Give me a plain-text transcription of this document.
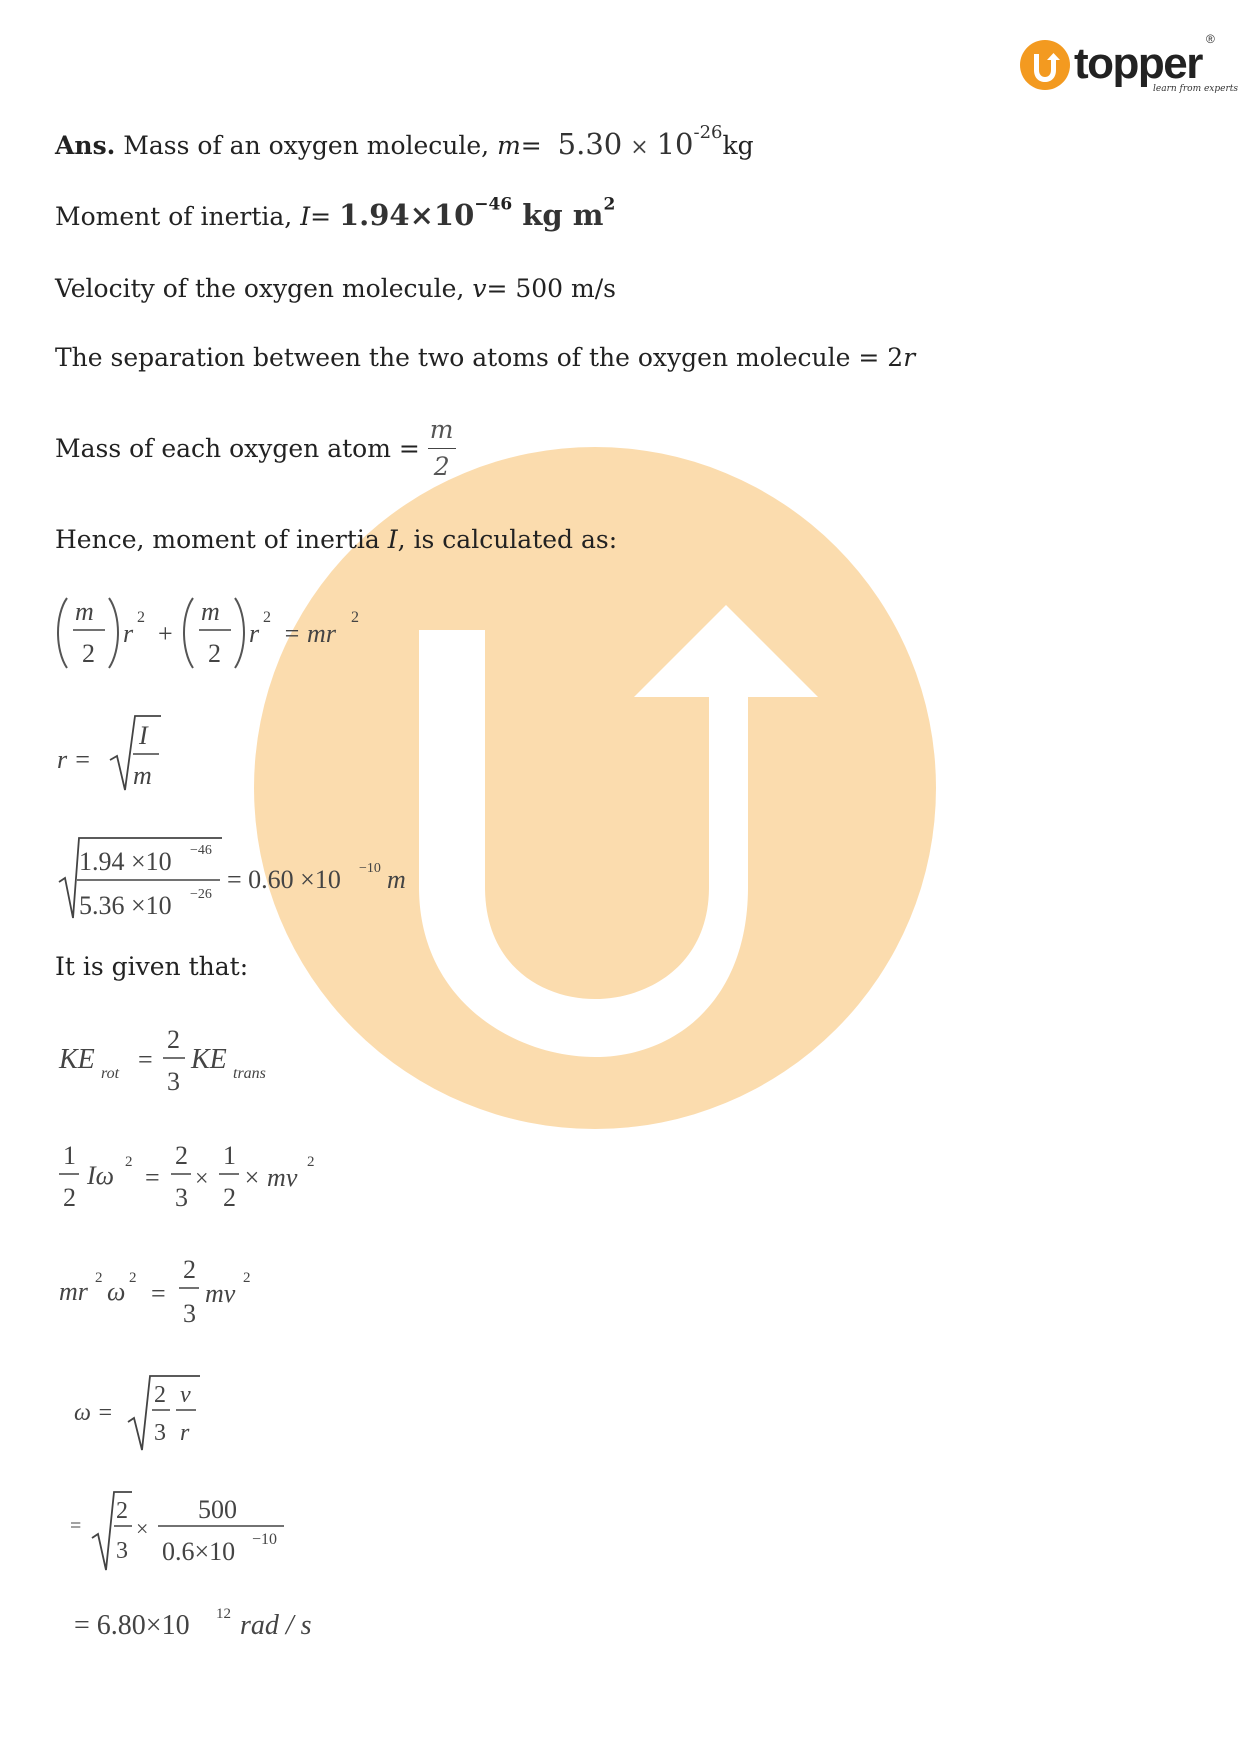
topper ®
learn from experts
Ans. Mass of an oxygen molecule, $m= 5.30 \times 10^{-26}kg$
Moment of inertia, $I= 1.94\times 10^{-46}$ kg $m^2$
Velocity of the oxygen molecule, v= 500 m/s
The separation between the two atoms of the oxygen molecule = 2r
Mass of each oxygen atom = $\frac{m}{2}$
Hence, moment of inertia I, is calculated as:
m
2
r
2
+
m
2
r
2
= mr
2
r =
I
m
1.94 ×10 −46
5.36 ×10 −26
= 0.60 ×10 −10 m
It is given that:
KE rot =
2
3
KE trans
1
2
Iω 2
=
2
3
×
1
2
× mv
2
mr 2 ω 2
=
2
3
mv
2
ω =
2
3
v
r
=
2
3
×
500
0.6×10 −10
= 6.80×10 12 rad / s
